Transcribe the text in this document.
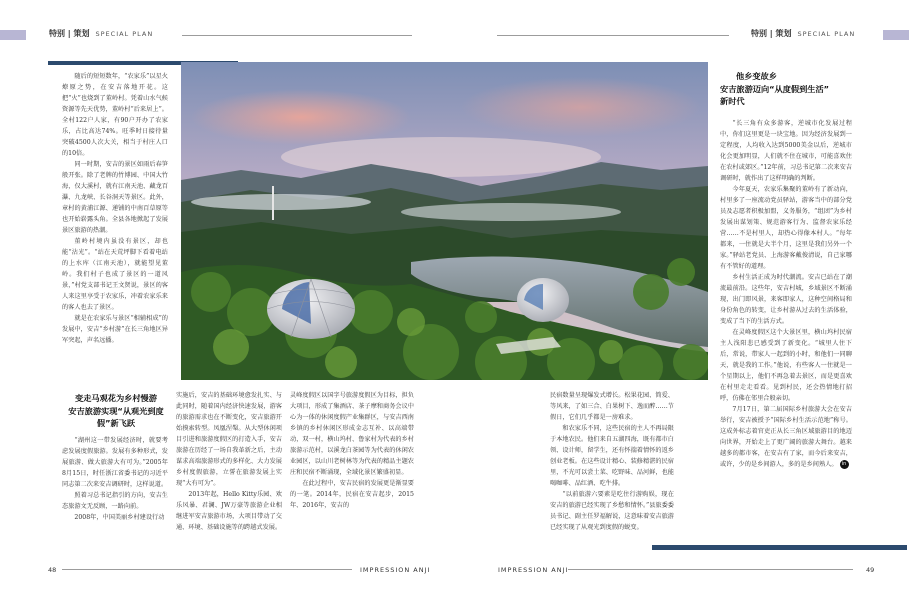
特别 | 策划 SPECIAL PLAN	特别 | 策划 SPECIAL PLAN

随后的短短数年，“农家乐”以星火燎原之势，在安吉落地开花。这把“火”也烧到了董岭村。凭着山水气候资源等先天优势，董岭村“后来居上”。全村122户人家，有90户开办了农家乐，占比高达74%。旺季时日接待量突破4500人次大关，相当于村庄人口的10倍。

同一时期，安吉的景区如雨后春笋般开张。除了老牌的竹博园、中国大竹海，仅大溪村，就有江南天池、藏龙百瀑、九龙峡、长谷洞天等景区。此外，章村的黄浦江源、递铺的中南百草原等也开始崭露头角。全县各地掀起了发展景区旅游的热潮。

董岭村境内虽没有景区，却也能“沾光”。“站在天荒坪脚下看着电站的上水库（江南天池），就能望见董岭。我们村子也成了景区的一道风景，”村党支部书记王文贤说，景区的客人来这里享受于农家乐，冲着农家乐来的客人也去了景区。

就是在农家乐与景区“相辅相成”的发展中，安吉“乡村游”在长三角地区异军突起，声名远播。

变走马观花为乡村慢游
安吉旅游实现“从观光到度假”新飞跃

“湖州这一带发展经济时，就要考虑发展度假旅游。发展有多种形式，发展旅游、做大旅游大有可为。”2005年8月15日，时任浙江省委书记的习近平同志第二次来安吉调研时，这样说道。

照着习总书记指引的方向，安吉生态旅游文无反顾，一路向前。

2008年，中国美丽乡村建设行动

实施后，安吉的基础环境愈发扎实、与此同时，随着国内经济快速发展，游客的旅游需求也在不断变化，安吉旅游开始摸索转型。凤凰涅槃。从大型休闲项目引进和旅游度假区的打造入手，安吉旅游在历经了一场自我革新之后，主动谋求高端旅游形式的多样化、大力发展乡村度假旅游，立誓在旅游发展上实现“大有可为”。

2013年起，Hello Kitty乐园、欢乐风暴、君澜、JW万豪等旅游企业相继进军安吉旅游市场，大项目带动了交通、环境、基础设施等的跨越式发展。

灵峰度假区以国字号旅游度假区为目标，担负大项目，形成了集酒店、茶子摩和商务会议中心为一体的休闲度假产业集群区，与安吉西南乡镇的乡村休闲区形成金志互补、以高端带动，双一村，横山坞村、鲁家村为代表的乡村旅游示范村，以溪龙白茶园等为代表的休闲农业园区，以山川老树林等为代表的精品主题农庄和民宿不断涌现，全域化景区繁盛初显。

在此过程中，安吉民宿的发展更是渐显要的一笔。2014年，民宿在安吉起步，2015年、2016年，安吉的

民宿数量呈现爆发式增长。松果花园、简爱、等风来，了如三合、白果树下、逸而醉……节假日，它们几乎都是一房难求。

和农家乐不同，这些民宿的主人不再局限于本地农民。他们来自五湖四海，既有都市白领、设计师，留学生，还有怀揣着情怀的返乡创业老板。在这些设计精心、装修精湛的民宿里，不光可以尝土菜、吃野味、品河鲜，也能喝咖啡、品红酒、吃牛排。

“以前旅游六要素是吃住行游购娱，现在安吉的旅游已经实现了乡愁和情怀。”县旅委委员书记、副主任罗福解说，这意味着安吉旅游已经实现了从观光到度假的蜕变。

他乡变故乡
安吉旅游迈向“从度假到生活”
新时代

“长三角有众多游客，逆城市化发展过程中，你们这里更是一块宝地。因为经济发展到一定程度，人均收入达到5000美金以后，逆城市化会更加明显，人们就不住在城市，可能喜欢住在农村或郊区。”12年前，习总书记第二次来安吉调研时，就作出了这样明确的判断。

今年夏天，农家乐集聚的董岭有了新动向，村里多了一座流动党员驿站，游客当中的部分党员及志愿者积极加盟，义务服务，“组团”为乡村发展出谋划策、规范游客行为、监督农家乐经营……不是村里人，却热心得像本村人。“每年都来，一住就是大半个月，这里是我们另外一个家。”驿站老党员、上海游客戴俊清说，自己家哪有不管好的道理。

乡村生活正成为时代潮流。安吉已站在了潮流最前沿。这些年，安吉村城，乡域景区不断涌现，出门即风景，来客即家人，这种空间格局和身份角色的转变，让乡村游从过去的生活体验，变成了当下的生活方式。

在灵峰度假区这个大景区里，横山坞村民宿主人浅阳悲已感受到了新变化。“城里人住下后，常说，带家人一起到的小时，和他们一同聊天，就是我的工作。”他说，有些客人一住就是一个星期以上，他们不再急着去景区，而是更喜欢在村里走走看看。见到村民，还会热情地打招呼，仿佛在邻里合般亲切。

7月17日，第二届国际乡村旅游大会在安吉举行，安吉被授予“国际乡村生活示范地”称号。这成外标志着官吏正从长三角区域旅游目的地迈向世界，开始走上了更广阔的旅游大舞台。越来越多的都市客，在安吉有了家，而今后来安吉，或许，少的是乡间游人，多的是乡间熟人。 in

48	IMPRESSION ANJI	IMPRESSION ANJI	49
